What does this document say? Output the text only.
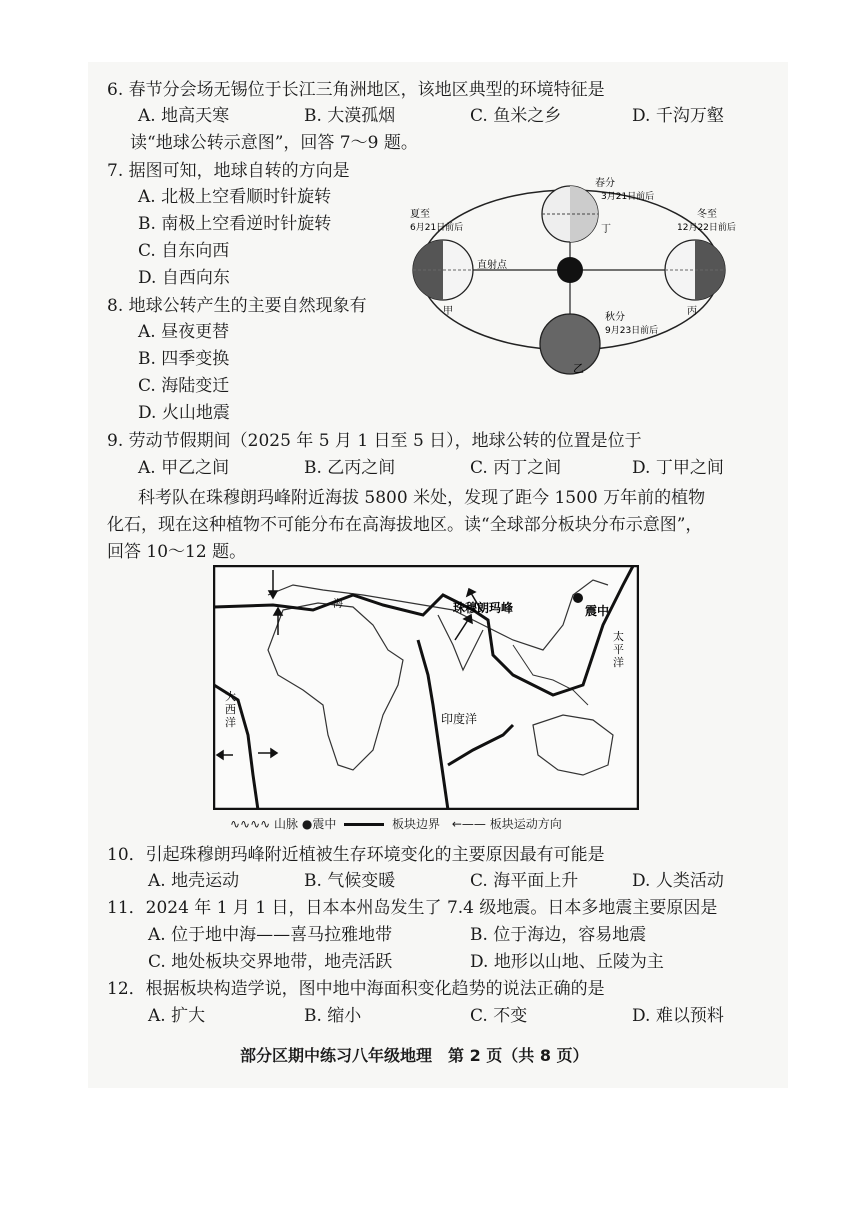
6. 春节分会场无锡位于长江三角洲地区，该地区典型的环境特征是
A. 地高天寒	B. 大漠孤烟	C. 鱼米之乡	D. 千沟万壑
读“地球公转示意图”，回答 7～9 题。
7. 据图可知，地球自转的方向是
A. 北极上空看顺时针旋转
B. 南极上空看逆时针旋转
C. 自东向西
D. 自西向东
8. 地球公转产生的主要自然现象有
A. 昼夜更替
B. 四季变换
C. 海陆变迁
D. 火山地震
春分
3月21日前后
夏至
6月21日前后
冬至
12月22日前后
秋分
9月23日前后
直射点
甲
乙
丙
丁
9. 劳动节假期间（2025 年 5 月 1 日至 5 日），地球公转的位置是位于
A. 甲乙之间	B. 乙丙之间	C. 丙丁之间	D. 丁甲之间
科考队在珠穆朗玛峰附近海拔 5800 米处，发现了距今 1500 万年前的植物
化石，现在这种植物不可能分布在高海拔地区。读“全球部分板块分布示意图”，
回答 10～12 题。
珠穆朗玛峰	震中
太
平
洋
大
西
洋	印度洋
海
∿∿∿∿ 山脉 ●震中	板块边界 ←—— 板块运动方向
10．引起珠穆朗玛峰附近植被生存环境变化的主要原因最有可能是
A. 地壳运动	B. 气候变暖	C. 海平面上升	D. 人类活动
11．2024 年 1 月 1 日，日本本州岛发生了 7.4 级地震。日本多地震主要原因是
A. 位于地中海——喜马拉雅地带	B. 位于海边，容易地震
C. 地处板块交界地带，地壳活跃	D. 地形以山地、丘陵为主
12．根据板块构造学说，图中地中海面积变化趋势的说法正确的是
A. 扩大	B. 缩小	C. 不变	D. 难以预料
部分区期中练习八年级地理　第 2 页（共 8 页）
